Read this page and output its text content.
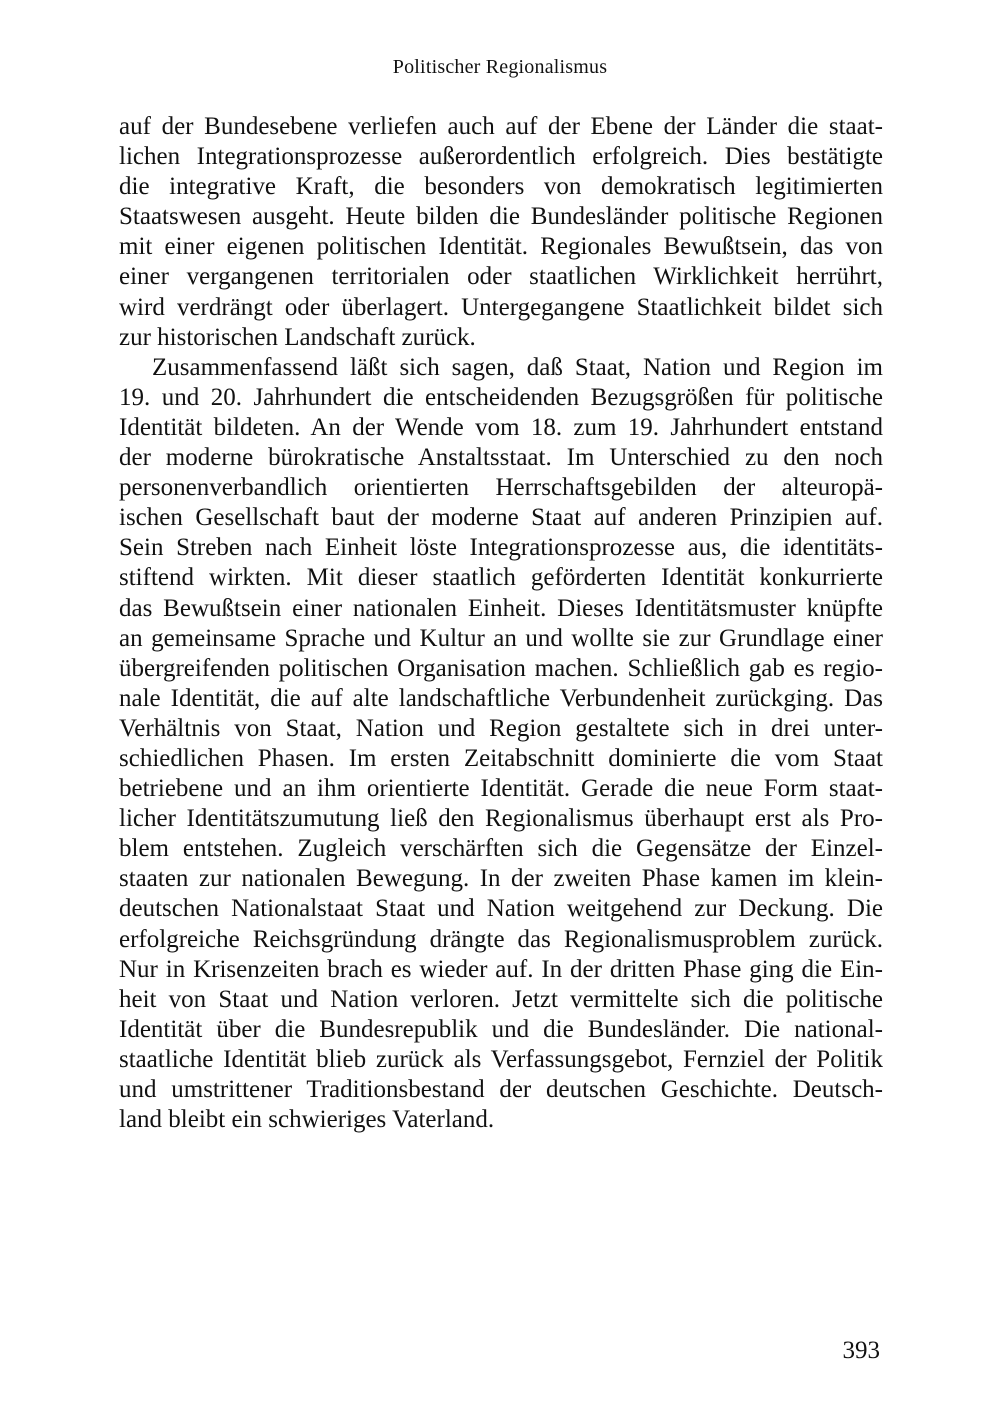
Politischer Regionalismus
auf der Bundesebene verliefen auch auf der Ebene der Länder die staat-
lichen Integrationsprozesse außerordentlich erfolgreich. Dies bestätigte
die integrative Kraft, die besonders von demokratisch legitimierten
Staatswesen ausgeht. Heute bilden die Bundesländer politische Regionen
mit einer eigenen politischen Identität. Regionales Bewußtsein, das von
einer vergangenen territorialen oder staatlichen Wirklichkeit herrührt,
wird verdrängt oder überlagert. Untergegangene Staatlichkeit bildet sich
zur historischen Landschaft zurück.
Zusammenfassend läßt sich sagen, daß Staat, Nation und Region im
19. und 20. Jahrhundert die entscheidenden Bezugsgrößen für politische
Identität bildeten. An der Wende vom 18. zum 19. Jahrhundert entstand
der moderne bürokratische Anstaltsstaat. Im Unterschied zu den noch
personenverbandlich orientierten Herrschaftsgebilden der alteuropä-
ischen Gesellschaft baut der moderne Staat auf anderen Prinzipien auf.
Sein Streben nach Einheit löste Integrationsprozesse aus, die identitäts-
stiftend wirkten. Mit dieser staatlich geförderten Identität konkurrierte
das Bewußtsein einer nationalen Einheit. Dieses Identitätsmuster knüpfte
an gemeinsame Sprache und Kultur an und wollte sie zur Grundlage einer
übergreifenden politischen Organisation machen. Schließlich gab es regio-
nale Identität, die auf alte landschaftliche Verbundenheit zurückging. Das
Verhältnis von Staat, Nation und Region gestaltete sich in drei unter-
schiedlichen Phasen. Im ersten Zeitabschnitt dominierte die vom Staat
betriebene und an ihm orientierte Identität. Gerade die neue Form staat-
licher Identitätszumutung ließ den Regionalismus überhaupt erst als Pro-
blem entstehen. Zugleich verschärften sich die Gegensätze der Einzel-
staaten zur nationalen Bewegung. In der zweiten Phase kamen im klein-
deutschen Nationalstaat Staat und Nation weitgehend zur Deckung. Die
erfolgreiche Reichsgründung drängte das Regionalismusproblem zurück.
Nur in Krisenzeiten brach es wieder auf. In der dritten Phase ging die Ein-
heit von Staat und Nation verloren. Jetzt vermittelte sich die politische
Identität über die Bundesrepublik und die Bundesländer. Die national-
staatliche Identität blieb zurück als Verfassungsgebot, Fernziel der Politik
und umstrittener Traditionsbestand der deutschen Geschichte. Deutsch-
land bleibt ein schwieriges Vaterland.
393
